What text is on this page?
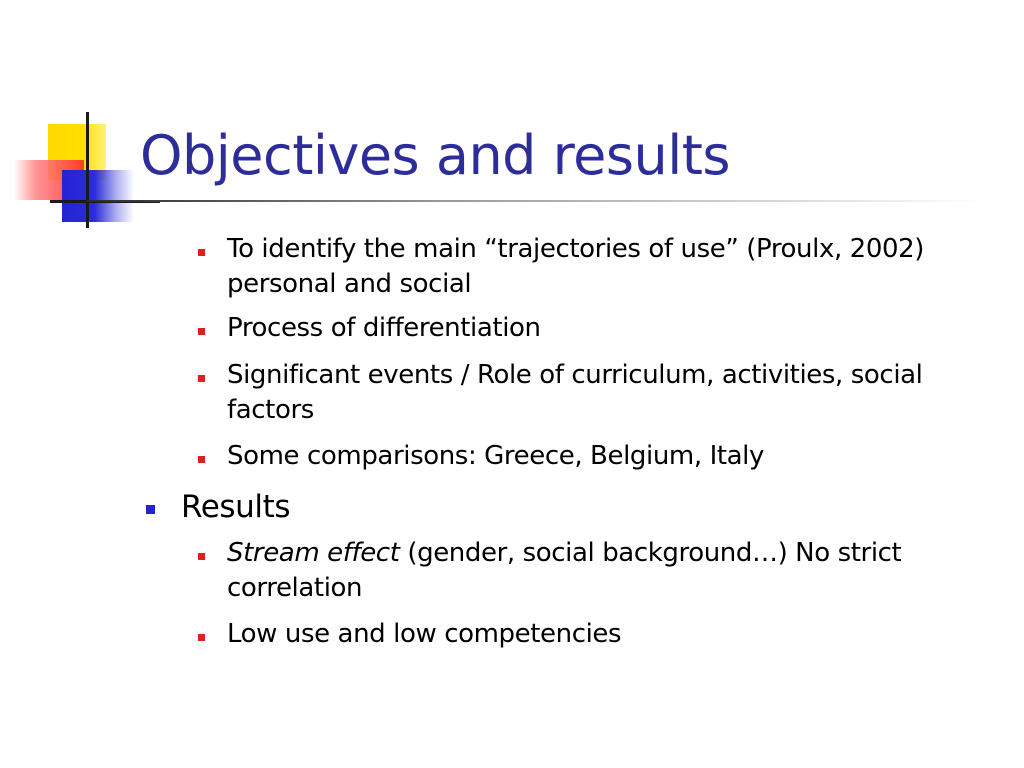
Objectives and results
To identify the main “trajectories of use” (Proulx, 2002) personal and social
Process of differentiation
Significant events / Role of curriculum, activities, social factors
Some comparisons: Greece, Belgium, Italy
Results
Stream effect (gender, social background…) No strict correlation
Low use and low competencies
